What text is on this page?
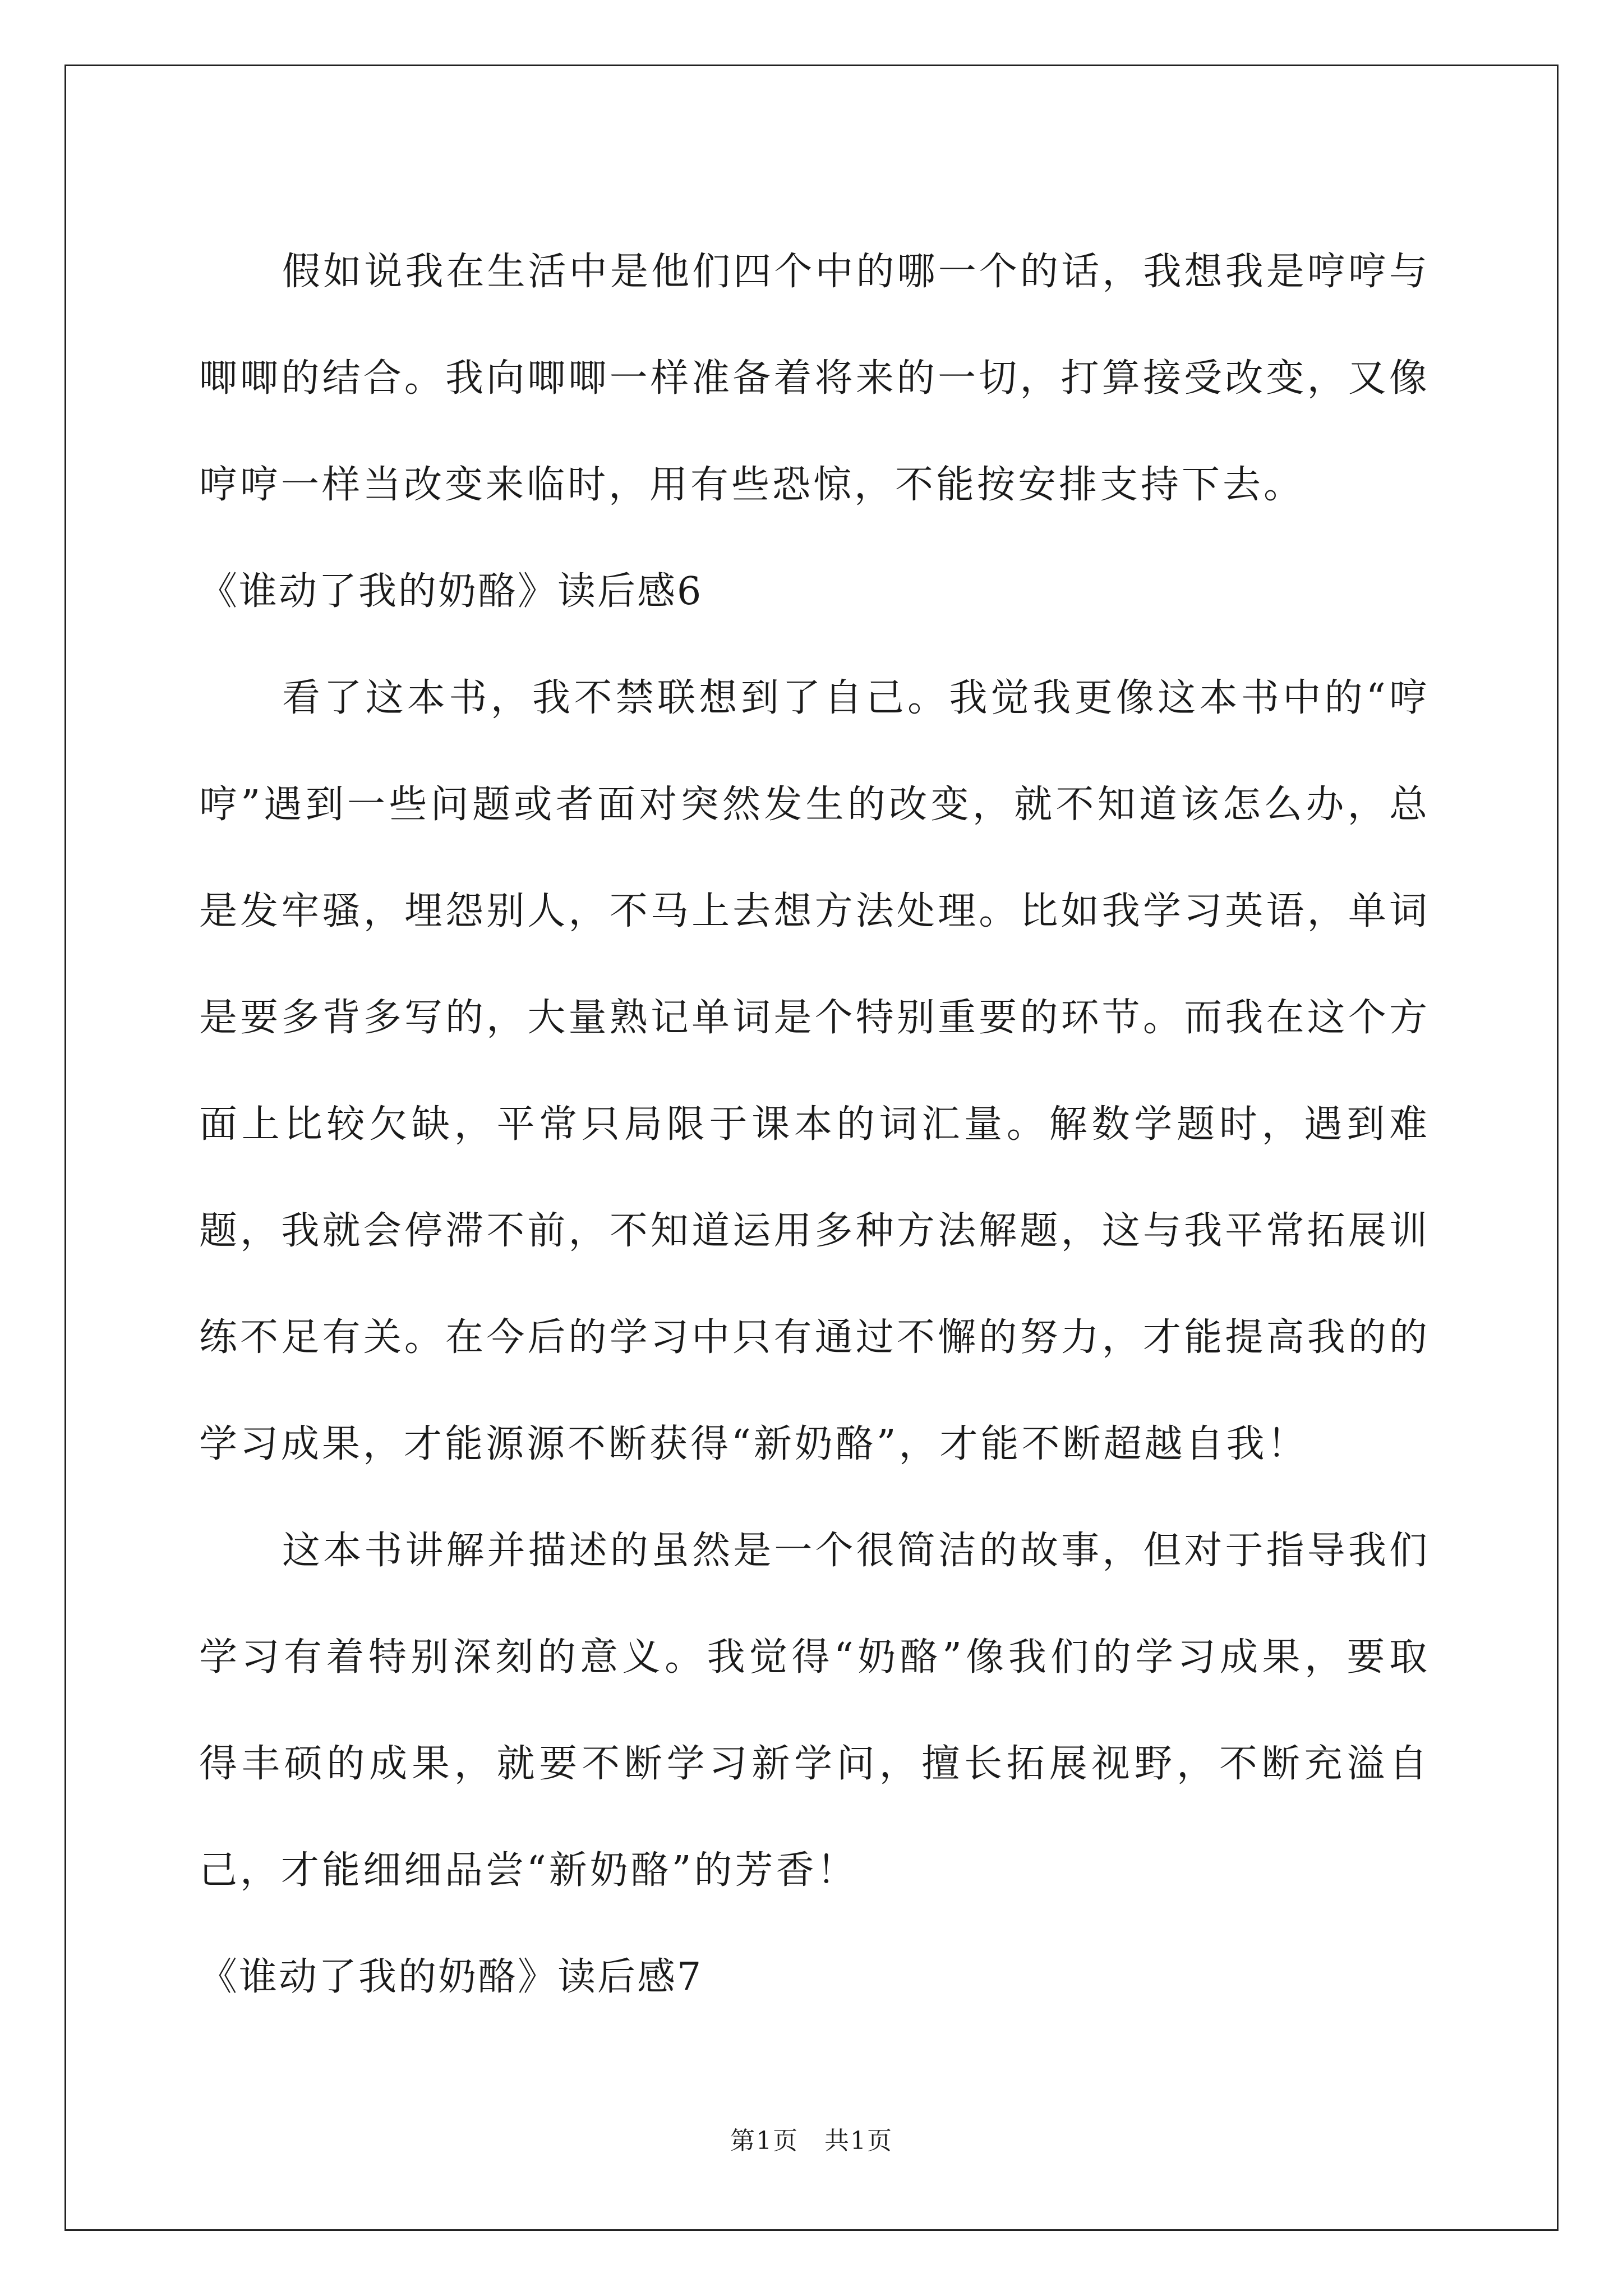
假如说我在生活中是他们四个中的哪一个的话，我想我是哼哼与唧唧的结合。我向唧唧一样准备着将来的一切，打算接受改变，又像哼哼一样当改变来临时，用有些恐惊，不能按安排支持下去。

《谁动了我的奶酪》读后感6

看了这本书，我不禁联想到了自己。我觉我更像这本书中的“哼哼”遇到一些问题或者面对突然发生的改变，就不知道该怎么办，总是发牢骚，埋怨别人，不马上去想方法处理。比如我学习英语，单词是要多背多写的，大量熟记单词是个特别重要的环节。而我在这个方面上比较欠缺，平常只局限于课本的词汇量。解数学题时，遇到难题，我就会停滞不前，不知道运用多种方法解题，这与我平常拓展训练不足有关。在今后的学习中只有通过不懈的努力，才能提高我的的学习成果，才能源源不断获得“新奶酪”，才能不断超越自我！

这本书讲解并描述的虽然是一个很简洁的故事，但对于指导我们学习有着特别深刻的意义。我觉得“奶酪”像我们的学习成果，要取得丰硕的成果，就要不断学习新学问，擅长拓展视野，不断充溢自己，才能细细品尝“新奶酪”的芳香！

《谁动了我的奶酪》读后感7

第1页　共1页
